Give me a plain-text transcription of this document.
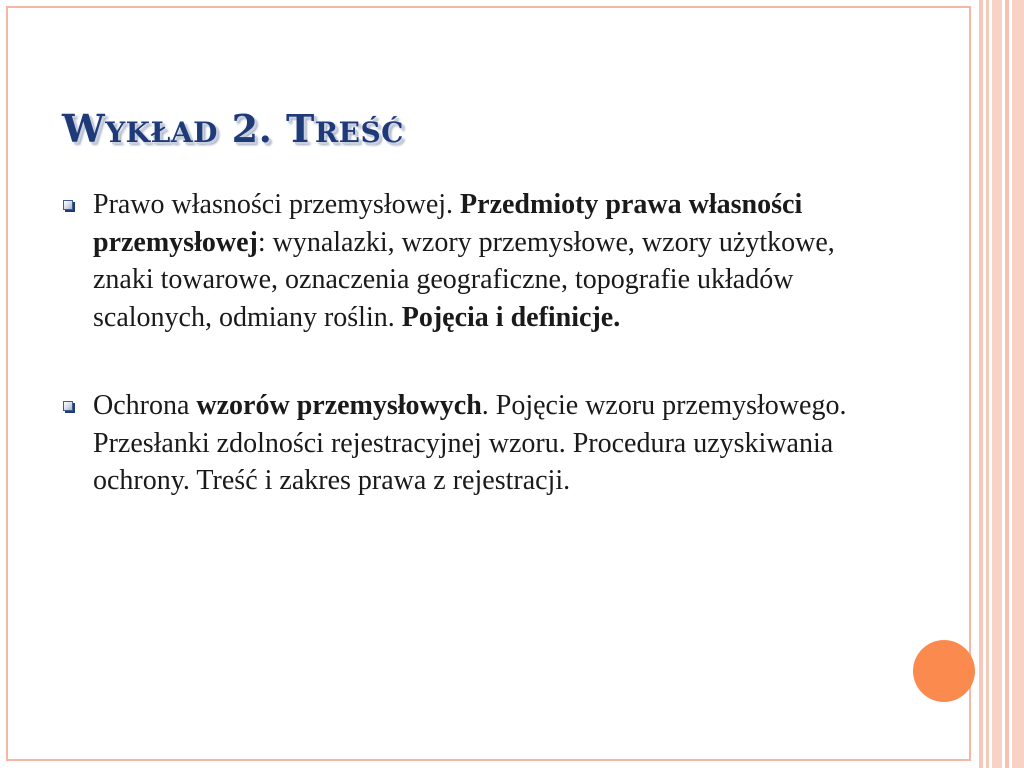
WYKŁAD 2. TREŚĆ
Prawo własności przemysłowej. Przedmioty prawa własności przemysłowej: wynalazki, wzory przemysłowe, wzory użytkowe, znaki towarowe, oznaczenia geograficzne, topografie układów scalonych, odmiany roślin. Pojęcia i definicje.
Ochrona wzorów przemysłowych. Pojęcie wzoru przemysłowego. Przesłanki zdolności rejestracyjnej wzoru. Procedura uzyskiwania ochrony. Treść i zakres prawa z rejestracji.
